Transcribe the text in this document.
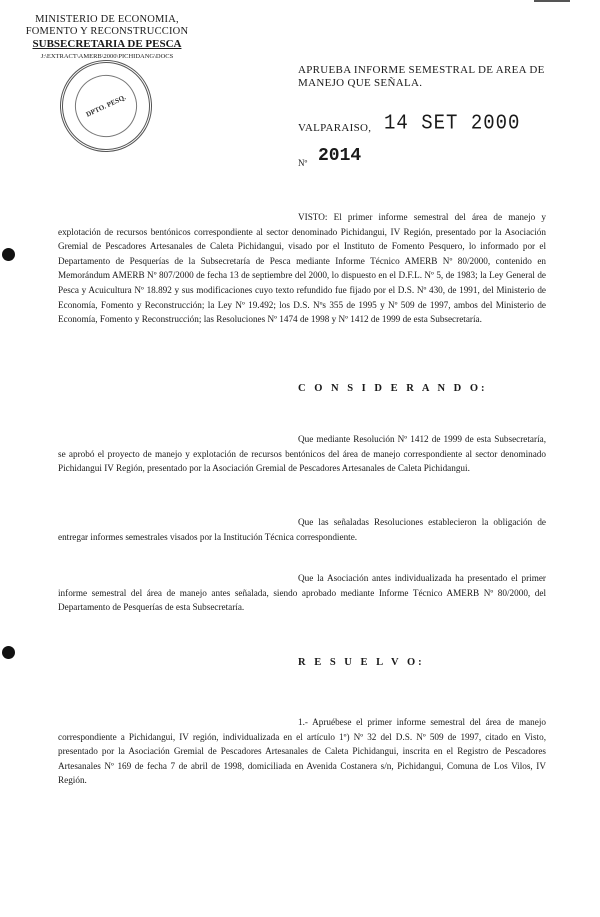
MINISTERIO DE ECONOMIA,
FOMENTO Y RECONSTRUCCION
SUBSECRETARIA DE PESCA
J:\EXTRACT\AMERB\2000\PICHIDANG\DOCS
DPTO. PESQ.
APRUEBA INFORME SEMESTRAL DE AREA DE MANEJO QUE SEÑALA.
VALPARAISO, 14 SET 2000
Nº 2014
VISTO: El primer informe semestral del área de manejo y explotación de recursos bentónicos correspondiente al sector denominado Pichidangui, IV Región, presentado por la Asociación Gremial de Pescadores Artesanales de Caleta Pichidangui, visado por el Instituto de Fomento Pesquero, lo informado por el Departamento de Pesquerías de la Subsecretaría de Pesca mediante Informe Técnico AMERB Nº 80/2000, contenido en Memorándum AMERB Nº 807/2000 de fecha 13 de septiembre del 2000, lo dispuesto en el D.F.L. Nº 5, de 1983; la Ley General de Pesca y Acuicultura Nº 18.892 y sus modificaciones cuyo texto refundido fue fijado por el D.S. Nº 430, de 1991, del Ministerio de Economía, Fomento y Reconstrucción; la Ley Nº 19.492; los D.S. Nºs 355 de 1995 y Nº 509 de 1997, ambos del Ministerio de Economía, Fomento y Reconstrucción; las Resoluciones Nº 1474 de 1998 y Nº 1412 de 1999 de esta Subsecretaría.
C O N S I D E R A N D O:
Que mediante Resolución Nº 1412 de 1999 de esta Subsecretaría, se aprobó el proyecto de manejo y explotación de recursos bentónicos del área de manejo correspondiente al sector denominado Pichidangui IV Región, presentado por la Asociación Gremial de Pescadores Artesanales de Caleta Pichidangui.
Que las señaladas Resoluciones establecieron la obligación de entregar informes semestrales visados por la Institución Técnica correspondiente.
Que la Asociación antes individualizada ha presentado el primer informe semestral del área de manejo antes señalada, siendo aprobado mediante Informe Técnico AMERB Nº 80/2000, del Departamento de Pesquerías de esta Subsecretaría.
R E S U E L V O:
1.- Apruébese el primer informe semestral del área de manejo correspondiente a Pichidangui, IV región, individualizada en el artículo 1º) Nº 32 del D.S. Nº 509 de 1997, citado en Visto, presentado por la Asociación Gremial de Pescadores Artesanales de Caleta Pichidangui, inscrita en el Registro de Pescadores Artesanales Nº 169 de fecha 7 de abril de 1998, domiciliada en Avenida Costanera s/n, Pichidangui, Comuna de Los Vilos, IV Región.
